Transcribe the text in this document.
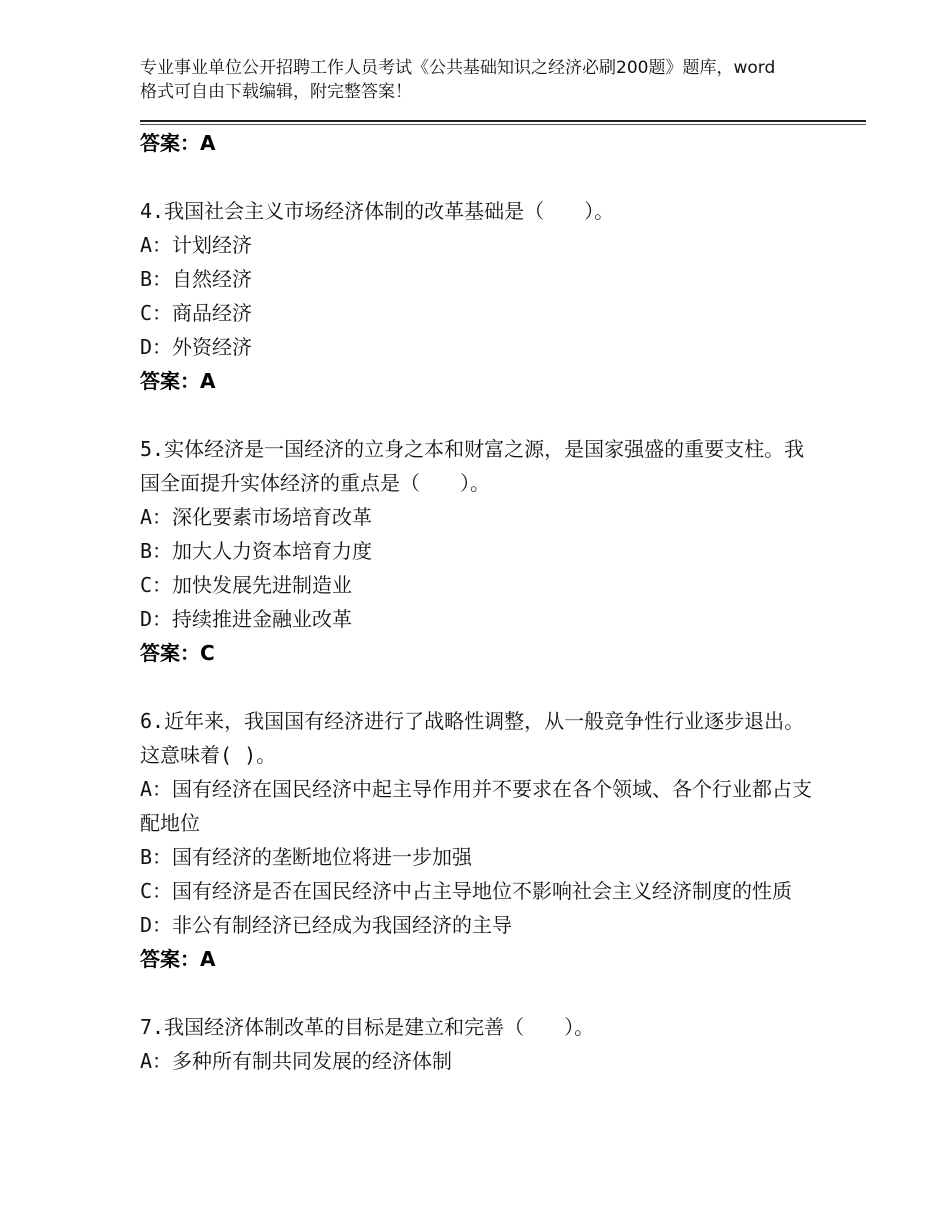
专业事业单位公开招聘工作人员考试《公共基础知识之经济必刷200题》题库，word格式可自由下载编辑，附完整答案！
答案：A
4.我国社会主义市场经济体制的改革基础是（　　）。
A：计划经济
B：自然经济
C：商品经济
D：外资经济
答案：A
5.实体经济是一国经济的立身之本和财富之源，是国家强盛的重要支柱。我国全面提升实体经济的重点是（　　）。
A：深化要素市场培育改革
B：加大人力资本培育力度
C：加快发展先进制造业
D：持续推进金融业改革
答案：C
6.近年来，我国国有经济进行了战略性调整，从一般竞争性行业逐步退出。这意味着( )。
A：国有经济在国民经济中起主导作用并不要求在各个领域、各个行业都占支配地位
B：国有经济的垄断地位将进一步加强
C：国有经济是否在国民经济中占主导地位不影响社会主义经济制度的性质
D：非公有制经济已经成为我国经济的主导
答案：A
7.我国经济体制改革的目标是建立和完善（　　）。
A：多种所有制共同发展的经济体制
